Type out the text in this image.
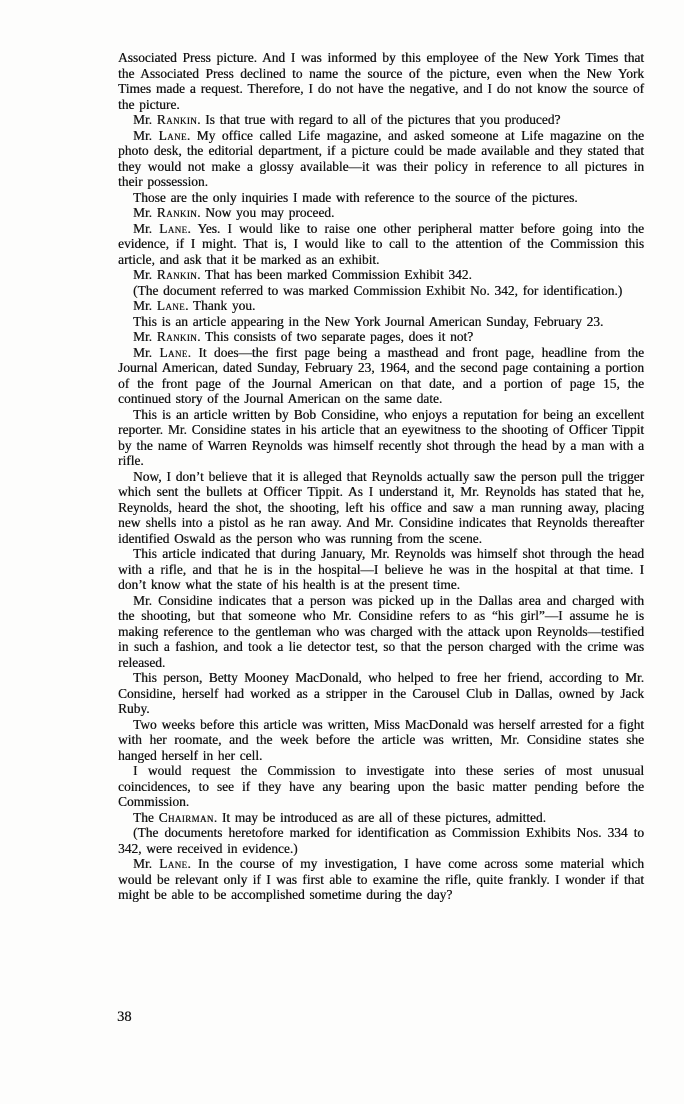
Associated Press picture. And I was informed by this employee of the New York Times that the Associated Press declined to name the source of the picture, even when the New York Times made a request. Therefore, I do not have the negative, and I do not know the source of the picture.

Mr. Rankin. Is that true with regard to all of the pictures that you produced?

Mr. Lane. My office called Life magazine, and asked someone at Life magazine on the photo desk, the editorial department, if a picture could be made available and they stated that they would not make a glossy available—it was their policy in reference to all pictures in their possession.

Those are the only inquiries I made with reference to the source of the pictures.

Mr. Rankin. Now you may proceed.

Mr. Lane. Yes. I would like to raise one other peripheral matter before going into the evidence, if I might. That is, I would like to call to the attention of the Commission this article, and ask that it be marked as an exhibit.

Mr. Rankin. That has been marked Commission Exhibit 342.

(The document referred to was marked Commission Exhibit No. 342, for identification.)

Mr. Lane. Thank you.

This is an article appearing in the New York Journal American Sunday, February 23.

Mr. Rankin. This consists of two separate pages, does it not?

Mr. Lane. It does—the first page being a masthead and front page, headline from the Journal American, dated Sunday, February 23, 1964, and the second page containing a portion of the front page of the Journal American on that date, and a portion of page 15, the continued story of the Journal American on the same date.

This is an article written by Bob Considine, who enjoys a reputation for being an excellent reporter. Mr. Considine states in his article that an eyewitness to the shooting of Officer Tippit by the name of Warren Reynolds was himself recently shot through the head by a man with a rifle.

Now, I don’t believe that it is alleged that Reynolds actually saw the person pull the trigger which sent the bullets at Officer Tippit. As I understand it, Mr. Reynolds has stated that he, Reynolds, heard the shot, the shooting, left his office and saw a man running away, placing new shells into a pistol as he ran away. And Mr. Considine indicates that Reynolds thereafter identified Oswald as the person who was running from the scene.

This article indicated that during January, Mr. Reynolds was himself shot through the head with a rifle, and that he is in the hospital—I believe he was in the hospital at that time. I don’t know what the state of his health is at the present time.

Mr. Considine indicates that a person was picked up in the Dallas area and charged with the shooting, but that someone who Mr. Considine refers to as “his girl”—I assume he is making reference to the gentleman who was charged with the attack upon Reynolds—testified in such a fashion, and took a lie detector test, so that the person charged with the crime was released.

This person, Betty Mooney MacDonald, who helped to free her friend, according to Mr. Considine, herself had worked as a stripper in the Carousel Club in Dallas, owned by Jack Ruby.

Two weeks before this article was written, Miss MacDonald was herself arrested for a fight with her roomate, and the week before the article was written, Mr. Considine states she hanged herself in her cell.

I would request the Commission to investigate into these series of most unusual coincidences, to see if they have any bearing upon the basic matter pending before the Commission.

The Chairman. It may be introduced as are all of these pictures, admitted.

(The documents heretofore marked for identification as Commission Exhibits Nos. 334 to 342, were received in evidence.)

Mr. Lane. In the course of my investigation, I have come across some material which would be relevant only if I was first able to examine the rifle, quite frankly. I wonder if that might be able to be accomplished sometime during the day?

38
